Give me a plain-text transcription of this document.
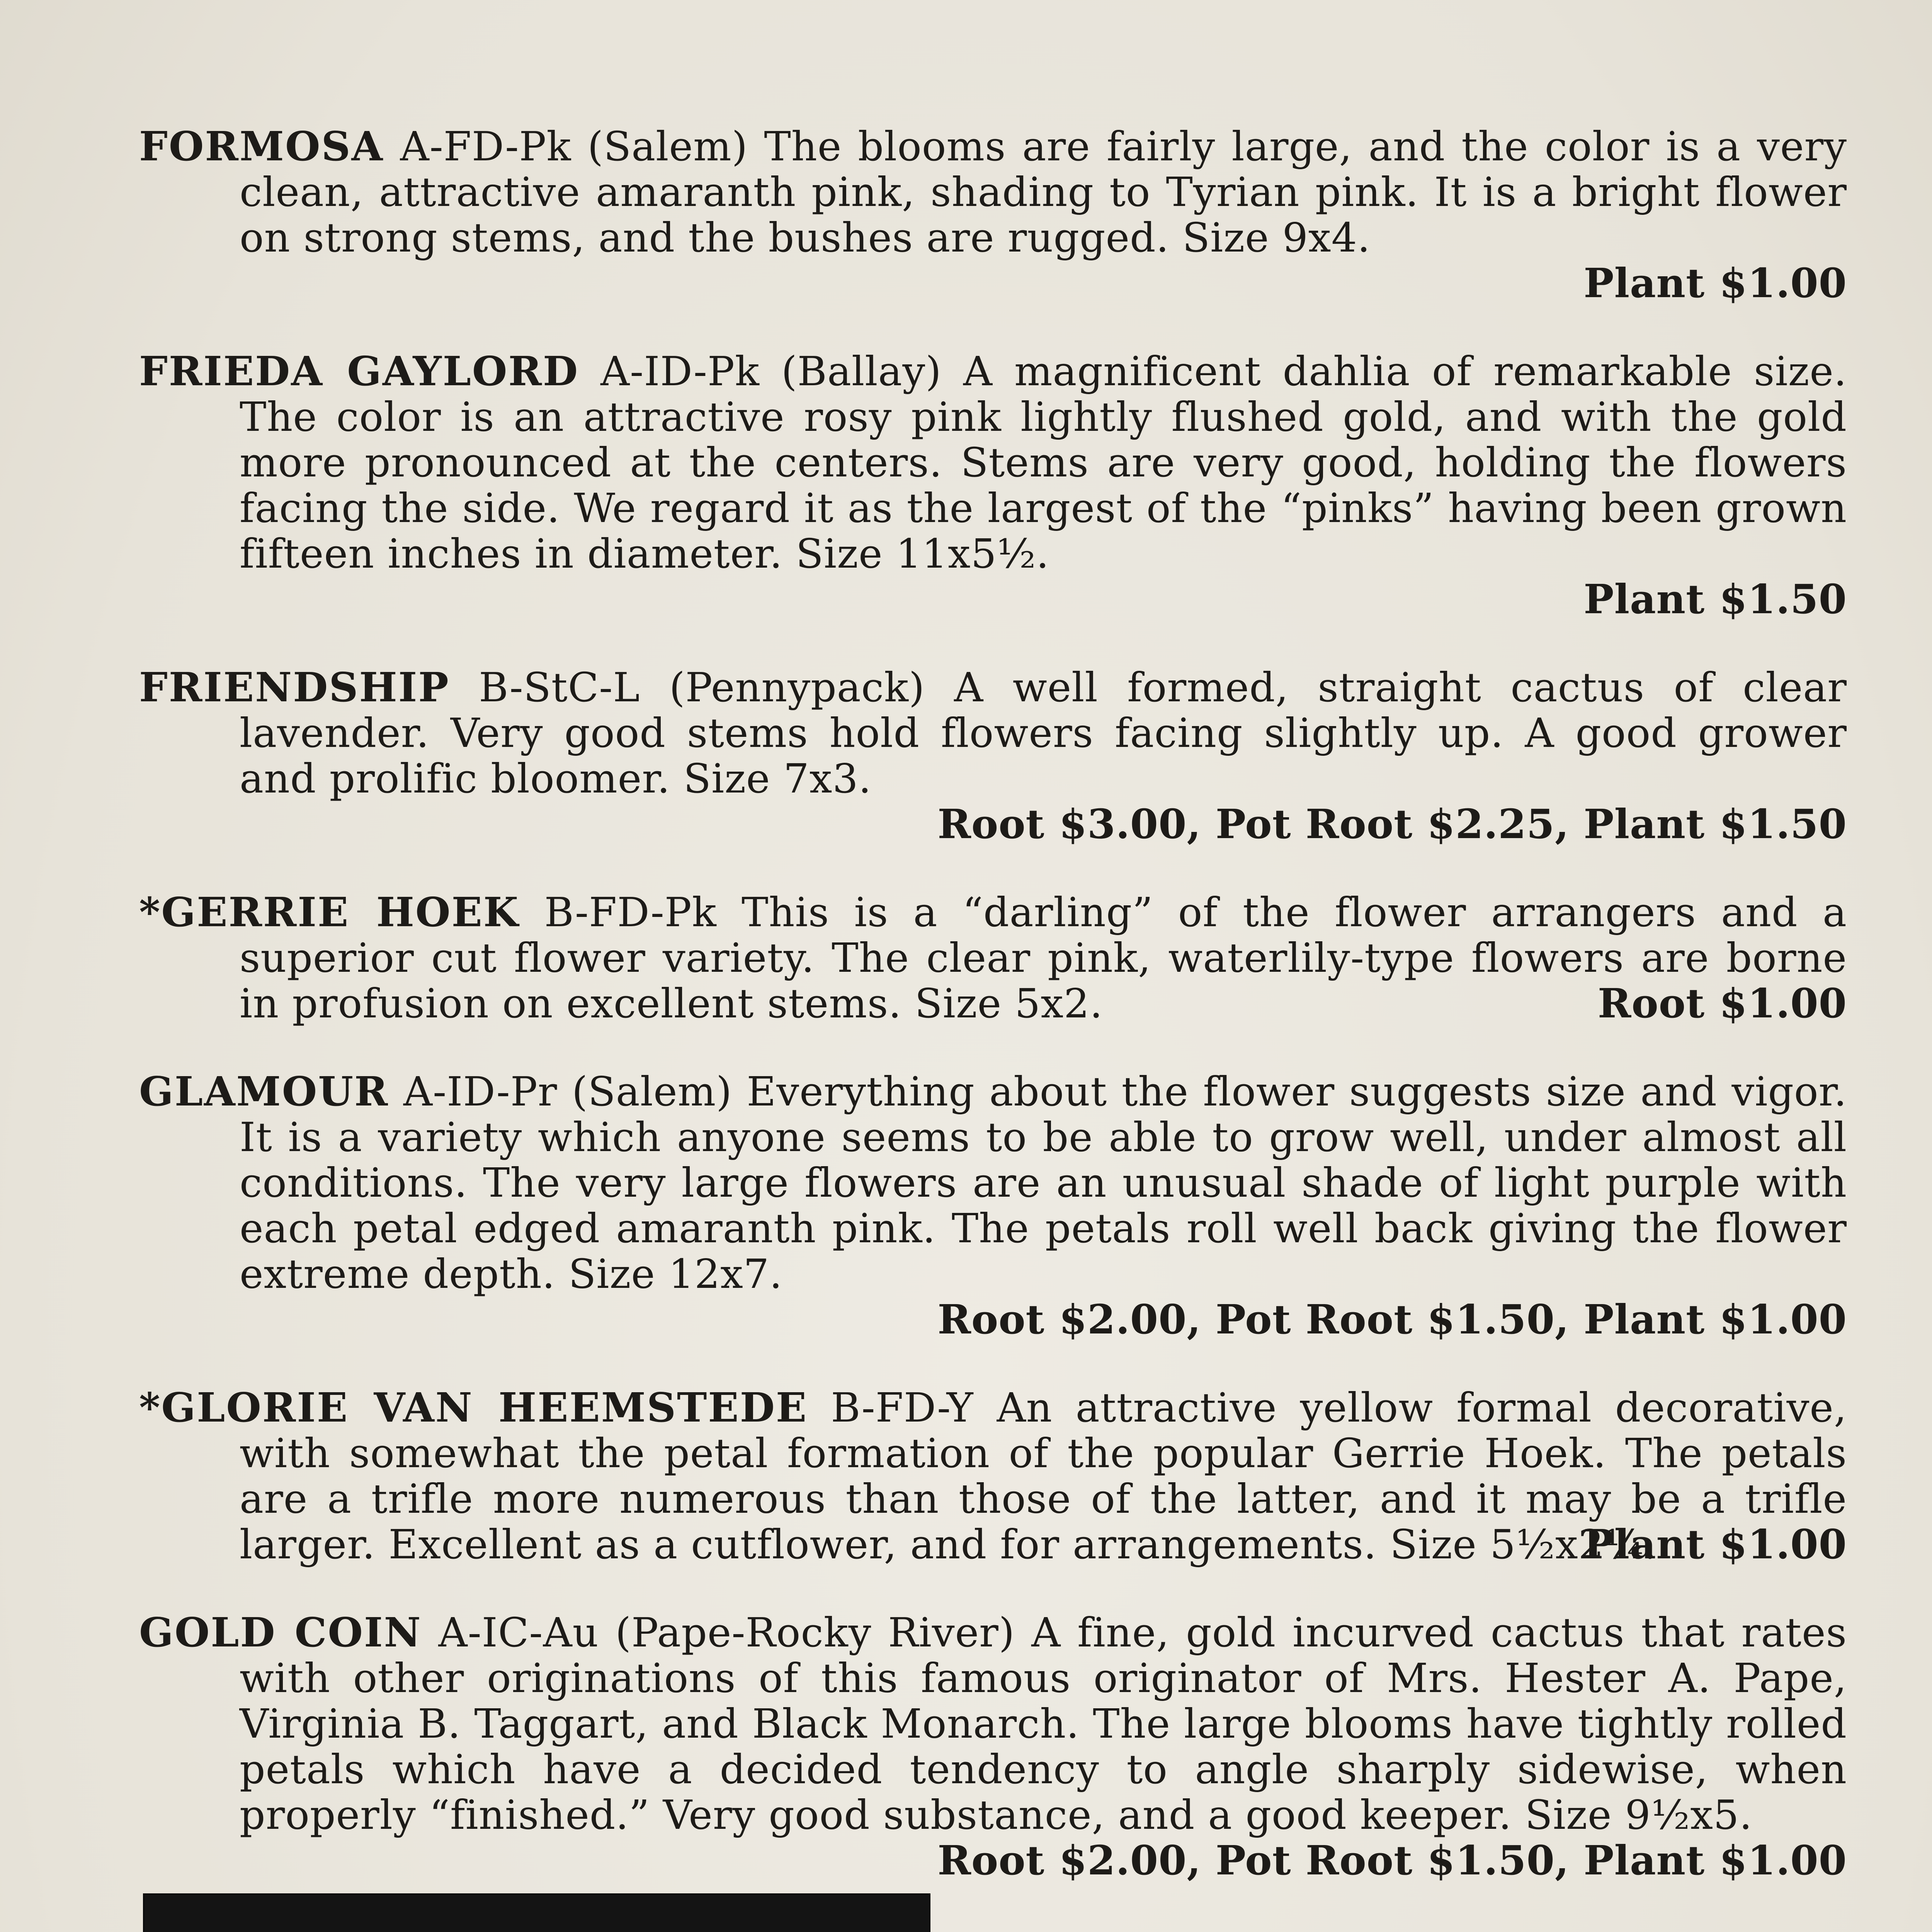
FORMOSA A-FD-Pk (Salem) The blooms are fairly large, and the color is a very clean, attractive amaranth pink, shading to Tyrian pink. It is a bright flower on strong stems, and the bushes are rugged. Size 9x4.
Plant $1.00
FRIEDA GAYLORD A-ID-Pk (Ballay) A magnificent dahlia of remarkable size. The color is an attractive rosy pink lightly flushed gold, and with the gold more pronounced at the centers. Stems are very good, holding the flowers facing the side. We regard it as the largest of the “pinks” having been grown fifteen inches in diameter. Size 11x5½.
Plant $1.50
FRIENDSHIP B-StC-L (Pennypack) A well formed, straight cactus of clear lavender. Very good stems hold flowers facing slightly up. A good grower and prolific bloomer. Size 7x3.
Root $3.00, Pot Root $2.25, Plant $1.50
*GERRIE HOEK B-FD-Pk This is a “darling” of the flower arrangers and a superior cut flower variety. The clear pink, waterlily-type flowers are borne in profusion on excellent stems. Size 5x2.	Root $1.00
GLAMOUR A-ID-Pr (Salem) Everything about the flower suggests size and vigor. It is a variety which anyone seems to be able to grow well, under almost all conditions. The very large flowers are an unusual shade of light purple with each petal edged amaranth pink. The petals roll well back giving the flower extreme depth. Size 12x7.
Root $2.00, Pot Root $1.50, Plant $1.00
*GLORIE VAN HEEMSTEDE B-FD-Y An attractive yellow formal decorative, with somewhat the petal formation of the popular Gerrie Hoek. The petals are a trifle more numerous than those of the latter, and it may be a trifle larger. Excellent as a cutflower, and for arrangements. Size 5½x2¼.
Plant $1.00
GOLD COIN A-IC-Au (Pape-Rocky River) A fine, gold incurved cactus that rates with other originations of this famous originator of Mrs. Hester A. Pape, Virginia B. Taggart, and Black Monarch. The large blooms have tightly rolled petals which have a decided tendency to angle sharply sidewise, when properly “finished.” Very good substance, and a good keeper. Size 9½x5.
Root $2.00, Pot Root $1.50, Plant $1.00
